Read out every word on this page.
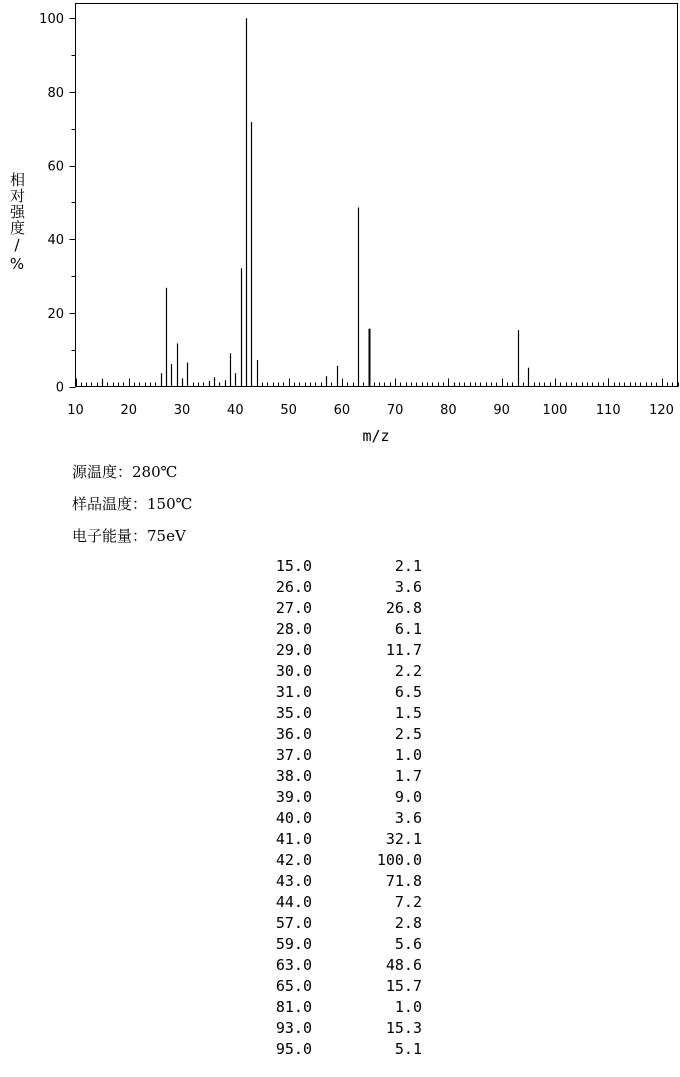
10	20	30	40	50	60	70	80	90	100 110 120
0
20
40
60
80
100
m/z
相对强度/%
源温度：280℃
样品温度：150℃
电子能量：75eV
15.0	2.1
26.0	3.6
27.0	26.8
28.0	6.1
29.0	11.7
30.0	2.2
31.0	6.5
35.0	1.5
36.0	2.5
37.0	1.0
38.0	1.7
39.0	9.0
40.0	3.6
41.0	32.1
42.0	100.0
43.0	71.8
44.0	7.2
57.0	2.8
59.0	5.6
63.0	48.6
65.0	15.7
81.0	1.0
93.0	15.3
95.0	5.1
